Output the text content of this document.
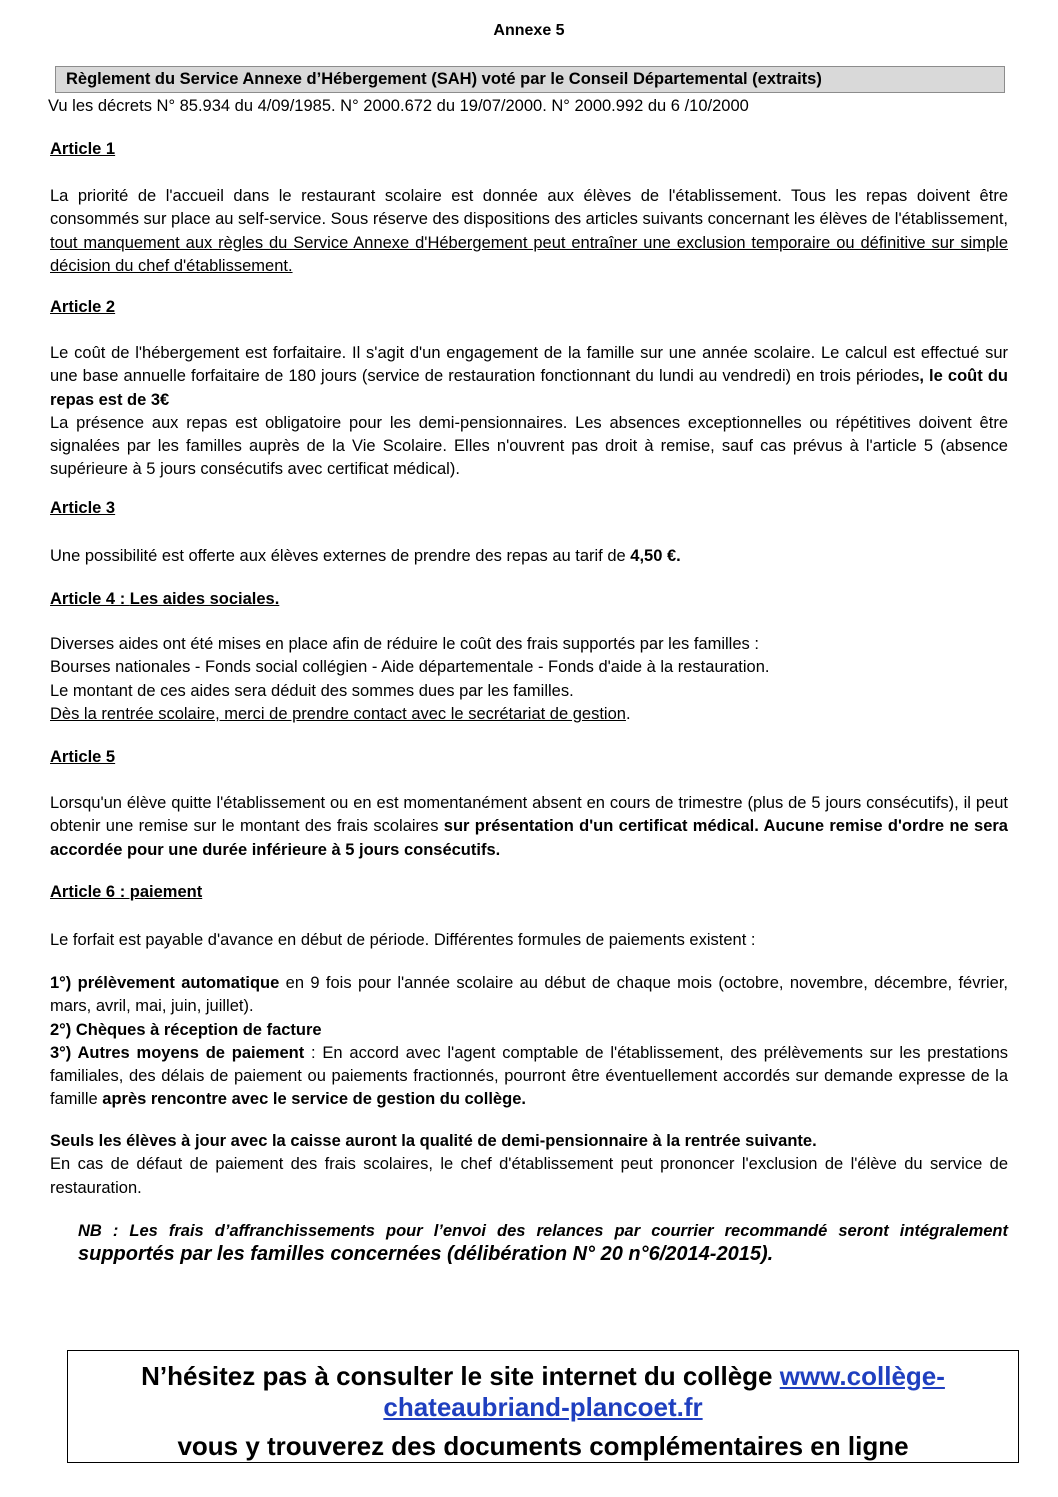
Annexe 5
Règlement du Service Annexe d’Hébergement (SAH) voté par le Conseil Départemental (extraits)
Vu les décrets N° 85.934 du 4/09/1985. N° 2000.672 du 19/07/2000. N° 2000.992 du 6 /10/2000
Article 1
La priorité de l'accueil dans le restaurant scolaire est donnée aux élèves de l'établissement. Tous les repas doivent être consommés sur place au self-service. Sous réserve des dispositions des articles suivants concernant les élèves de l'établissement, tout manquement aux règles du Service Annexe d'Hébergement peut entraîner une exclusion temporaire ou définitive sur simple décision du chef d'établissement.
Article 2

Le coût de l'hébergement est forfaitaire. Il s'agit d'un engagement de la famille sur une année scolaire. Le calcul est effectué sur une base annuelle forfaitaire de 180 jours (service de restauration fonctionnant du lundi au vendredi) en trois périodes, le coût du repas est de 3€

La présence aux repas est obligatoire pour les demi-pensionnaires. Les absences exceptionnelles ou répétitives doivent être signalées par les familles auprès de la Vie Scolaire. Elles n'ouvrent pas droit à remise, sauf cas prévus à l'article 5 (absence supérieure à 5 jours consécutifs avec certificat médical).

Article 3
Une possibilité est offerte aux élèves externes de prendre des repas au tarif de 4,50 €.
Article 4 : Les aides sociales.

Diverses aides ont été mises en place afin de réduire le coût des frais supportés par les familles :

Bourses nationales - Fonds social collégien - Aide départementale - Fonds d'aide à la restauration.

Le montant de ces aides sera déduit des sommes dues par les familles.

Dès la rentrée scolaire, merci de prendre contact avec le secrétariat de gestion.

Article 5
Lorsqu'un élève quitte l'établissement ou en est momentanément absent en cours de trimestre (plus de 5 jours consécutifs), il peut obtenir une remise sur le montant des frais scolaires sur présentation d'un certificat médical. Aucune remise d'ordre ne sera accordée pour une durée inférieure à 5 jours consécutifs.
Article 6 : paiement
Le forfait est payable d'avance en début de période. Différentes formules de paiements existent :

1°) prélèvement automatique en 9 fois pour l'année scolaire au début de chaque mois (octobre, novembre, décembre, février, mars, avril, mai, juin, juillet).

2°) Chèques à réception de facture

3°) Autres moyens de paiement : En accord avec l'agent comptable de l'établissement, des prélèvements sur les prestations familiales, des délais de paiement ou paiements fractionnés, pourront être éventuellement accordés sur demande expresse de la famille après rencontre avec le service de gestion du collège.

Seuls les élèves à jour avec la caisse auront la qualité de demi-pensionnaire à la rentrée suivante.

En cas de défaut de paiement des frais scolaires, le chef d'établissement peut prononcer l'exclusion de l'élève du service de restauration.

NB : Les frais d’affranchissements pour l’envoi des relances par courrier recommandé seront intégralement supportés par les familles concernées (délibération N° 20 n°6/2014-2015).
N’hésitez pas à consulter le site internet du collège www.collège-chateaubriand-plancoet.fr
vous y trouverez des documents complémentaires en ligne
